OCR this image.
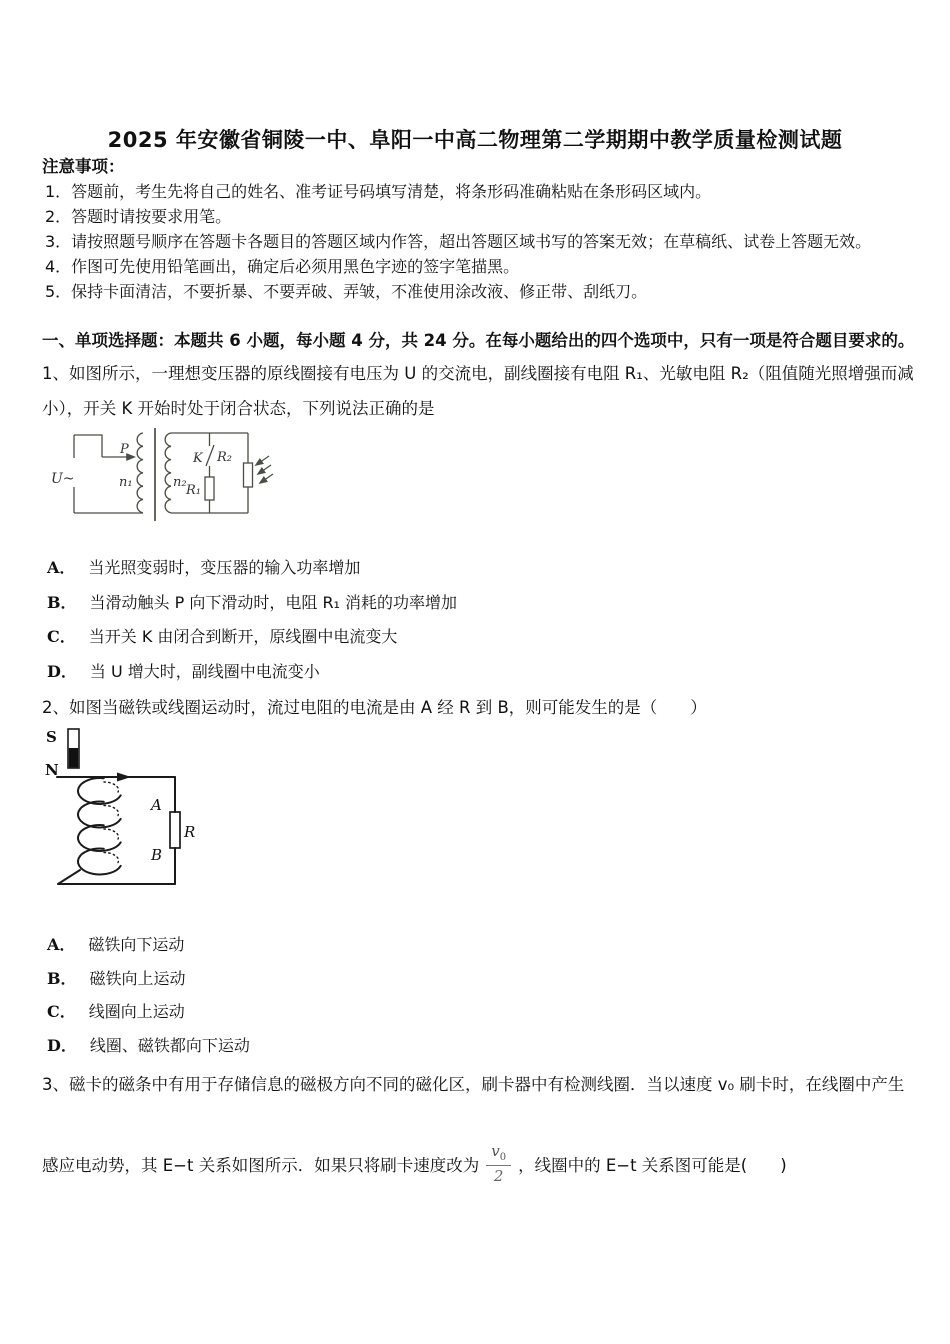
2025 年安徽省铜陵一中、阜阳一中高二物理第二学期期中教学质量检测试题
注意事项：
1．答题前，考生先将自己的姓名、准考证号码填写清楚，将条形码准确粘贴在条形码区域内。
2．答题时请按要求用笔。
3．请按照题号顺序在答题卡各题目的答题区域内作答，超出答题区域书写的答案无效；在草稿纸、试卷上答题无效。
4．作图可先使用铅笔画出，确定后必须用黑色字迹的签字笔描黑。
5．保持卡面清洁，不要折暴、不要弄破、弄皱，不准使用涂改液、修正带、刮纸刀。
一、单项选择题：本题共 6 小题，每小题 4 分，共 24 分。在每小题给出的四个选项中，只有一项是符合题目要求的。
1、如图所示，一理想变压器的原线圈接有电压为 U 的交流电，副线圈接有电阻 R₁、光敏电阻 R₂（阻值随光照增强而减
小），开关 K 开始时处于闭合状态，下列说法正确的是
U~
P
n₁	n₂
K
R₁
R₂
A． 当光照变弱时，变压器的输入功率增加
B． 当滑动触头 P 向下滑动时，电阻 R₁ 消耗的功率增加
C． 当开关 K 由闭合到断开，原线圈中电流变大
D． 当 U 增大时，副线圈中电流变小
2、如图当磁铁或线圈运动时，流过电阻的电流是由 A 经 R 到 B，则可能发生的是（　　）
S
N
A
R
B
A． 磁铁向下运动
B． 磁铁向上运动
C． 线圈向上运动
D． 线圈、磁铁都向下运动
3、磁卡的磁条中有用于存储信息的磁极方向不同的磁化区，刷卡器中有检测线圈．当以速度 v₀ 刷卡时，在线圈中产生
感应电动势，其 E−t 关系如图所示．如果只将刷卡速度改为 $\frac{v_0}{2}$ ，线圈中的 E−t 关系图可能是(　　)
